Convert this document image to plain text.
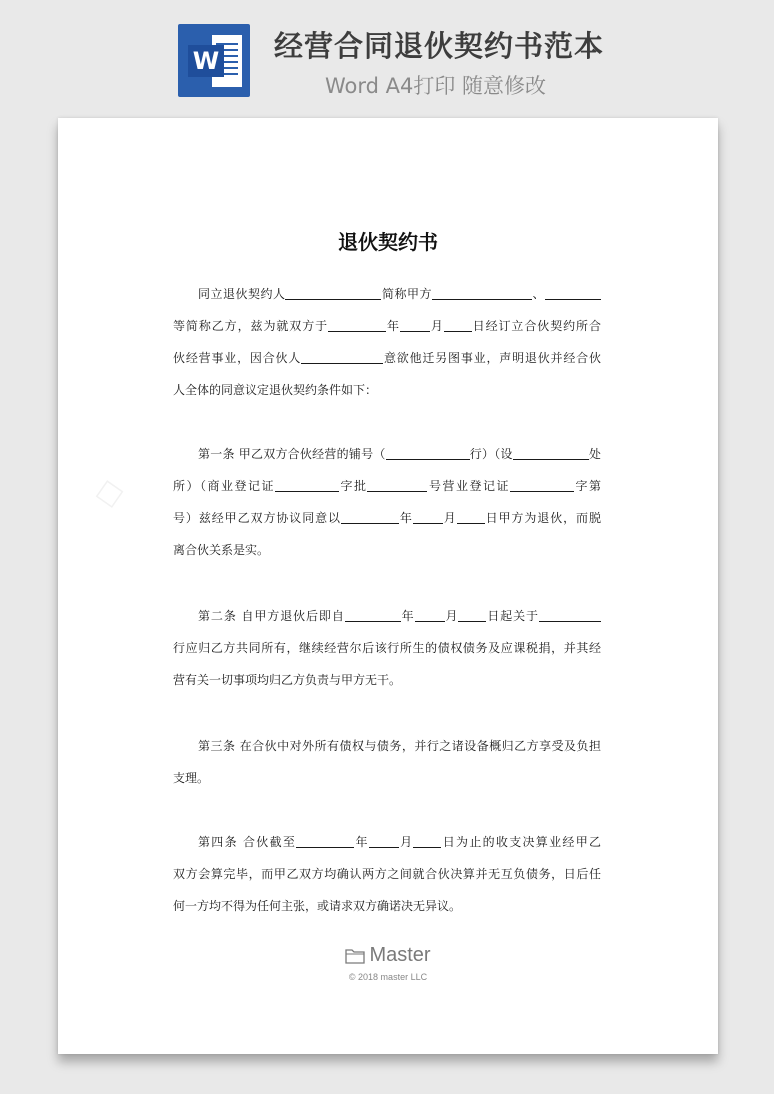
W 经营合同退伙契约书范本
Word A4打印 随意修改
□
退伙契约书
同立退伙契约人	简称甲方	、
等简称乙方，兹为就双方于	年	月 日经订立合伙契约所合
伙经营事业，因合伙人	意欲他迁另图事业，声明退伙并经合伙
人全体的同意议定退伙契约条件如下：
第一条 甲乙双方合伙经营的铺号（	行）（设	处
所）（商业登记证	字批	号营业登记证	字第
号）兹经甲乙双方协议同意以	年	月 日甲方为退伙，而脱
离合伙关系是实。
第二条 自甲方退伙后即自	年	月 日起关于
行应归乙方共同所有，继续经营尔后该行所生的债权债务及应课税捐，并其经
营有关一切事项均归乙方负责与甲方无干。
第三条 在合伙中对外所有债权与债务，并行之诸设备概归乙方享受及负担
支理。
第四条 合伙截至	年	月 日为止的收支决算业经甲乙
双方会算完毕，而甲乙双方均确认两方之间就合伙决算并无互负债务，日后任
何一方均不得为任何主张，或请求双方确诺决无异议。
Master
© 2018 master LLC
